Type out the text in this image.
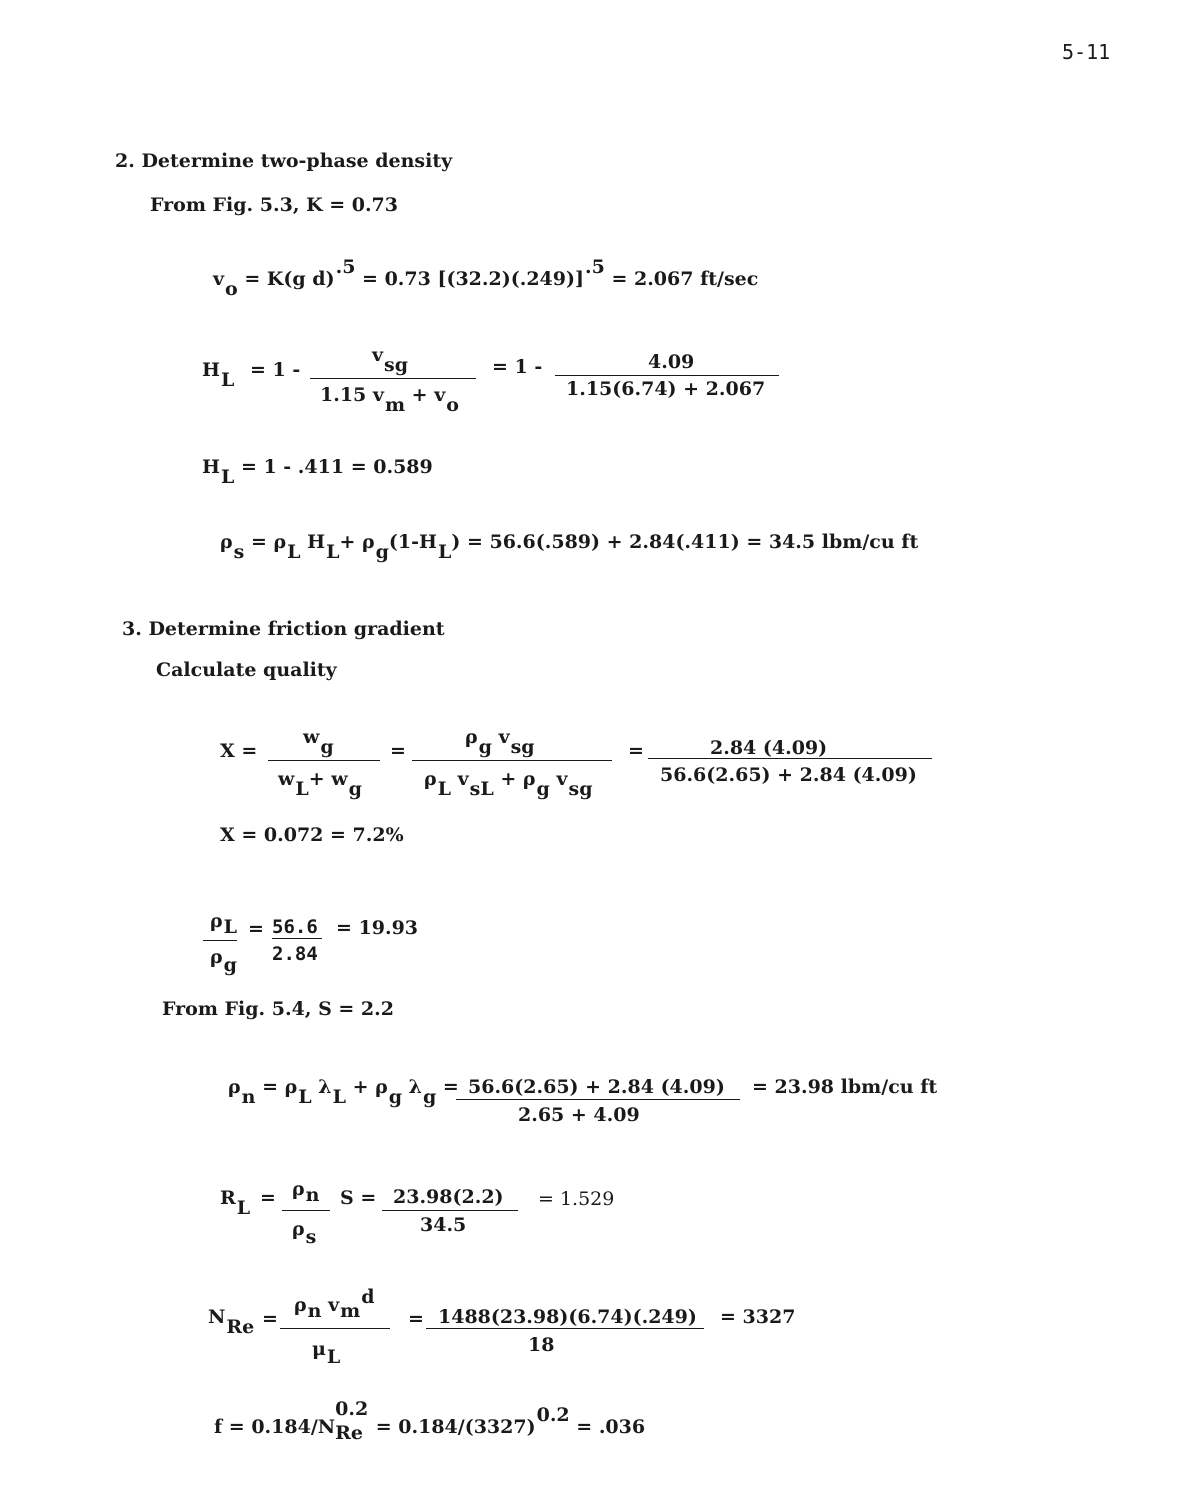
5-11
2. Determine two-phase density
From Fig. 5.3, K = 0.73
vo = K(g d).5 = 0.73 [(32.2)(.249)].5 = 2.067 ft/sec
HL = 1 -
vsg
1.15 vm + vo
= 1 -	4.09
1.15(6.74) + 2.067
HL = 1 - .411 = 0.589
ρs = ρL HL+ ρg(1-HL) = 56.6(.589) + 2.84(.411) = 34.5 lbm/cu ft
3. Determine friction gradient
Calculate quality
X =
wg
wL+ wg
=
ρg vsg
ρL vsL + ρg vsg
=	2.84 (4.09)
56.6(2.65) + 2.84 (4.09)
X = 0.072 = 7.2%
ρL
ρg
= 56.6
2.84
= 19.93
From Fig. 5.4, S = 2.2
ρn = ρL λL + ρg λg = 56.6(2.65) + 2.84 (4.09)
2.65 + 4.09
= 23.98 lbm/cu ft
RL = ρn
ρs
S = 23.98(2.2)
34.5
= 1.529
NRe =
ρn vmd
μL
= 1488(23.98)(6.74)(.249)
18
= 3327
f = 0.184/N
0.2
Re = 0.184/(3327)0.2 = .036
